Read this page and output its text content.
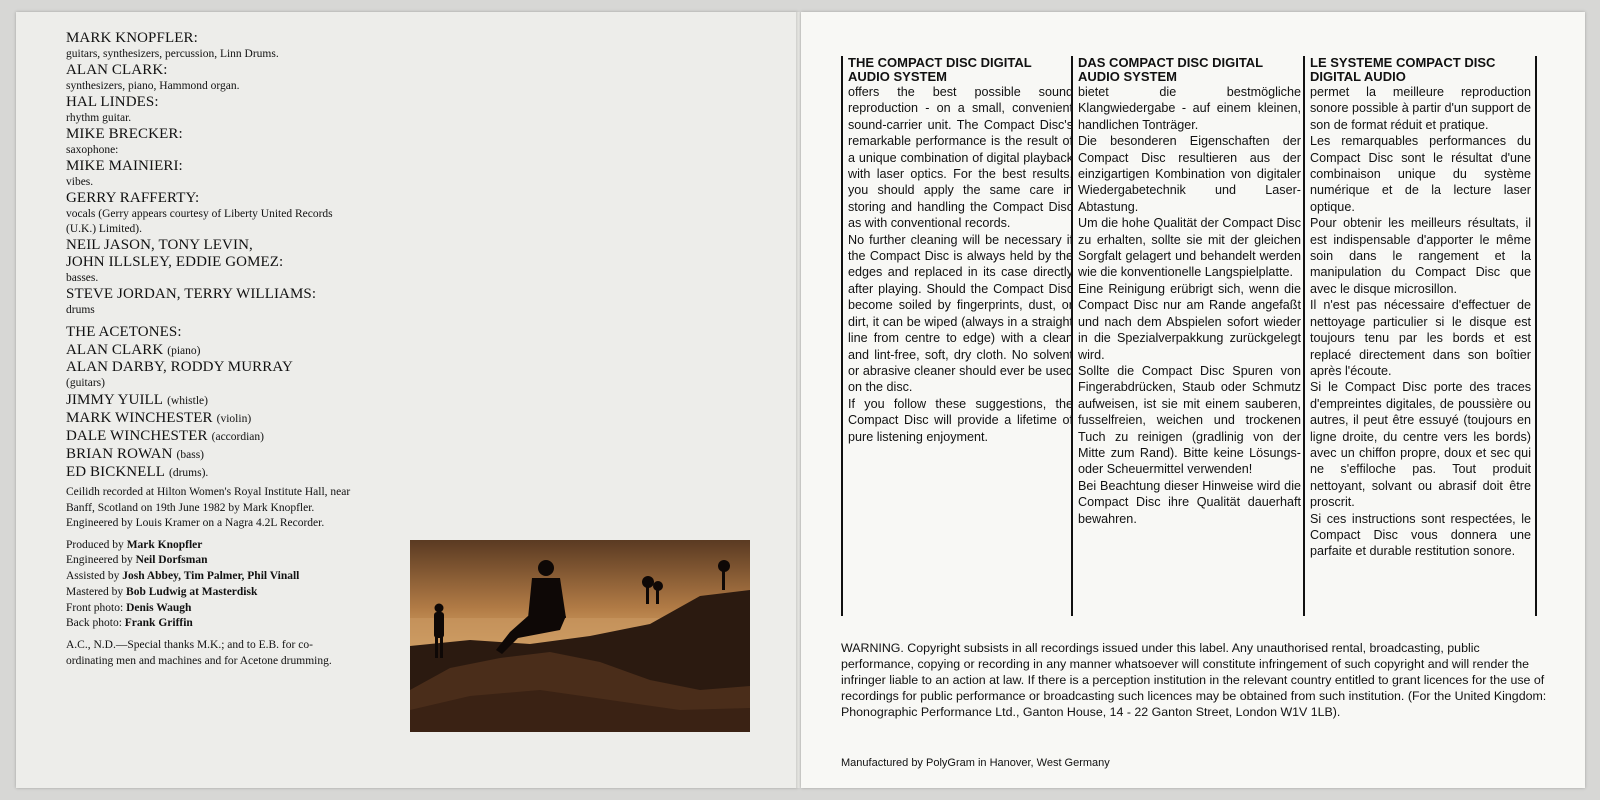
MARK KNOPFLER:
guitars, synthesizers, percussion, Linn Drums.
ALAN CLARK:
synthesizers, piano, Hammond organ.
HAL LINDES:
rhythm guitar.
MIKE BRECKER:
saxophone:
MIKE MAINIERI:
vibes.
GERRY RAFFERTY:
vocals (Gerry appears courtesy of Liberty United Records (U.K.) Limited).
NEIL JASON, TONY LEVIN,
JOHN ILLSLEY, EDDIE GOMEZ:
basses.
STEVE JORDAN, TERRY WILLIAMS:
drums
THE ACETONES:
ALAN CLARK (piano)
ALAN DARBY, RODDY MURRAY
(guitars)
JIMMY YUILL (whistle)
MARK WINCHESTER (violin)
DALE WINCHESTER (accordian)
BRIAN ROWAN (bass)
ED BICKNELL (drums).

Ceilidh recorded at Hilton Women's Royal Institute Hall, near Banff, Scotland on 19th June 1982 by Mark Knopfler.

Engineered by Louis Kramer on a Nagra 4.2L Recorder.

Produced by Mark Knopfler

Engineered by Neil Dorfsman

Assisted by Josh Abbey, Tim Palmer, Phil Vinall

Mastered by Bob Ludwig at Masterdisk

Front photo: Denis Waugh

Back photo: Frank Griffin

A.C., N.D.—Special thanks M.K.; and to E.B. for co-ordinating men and machines and for Acetone drumming.

THE COMPACT DISC DIGITAL AUDIO SYSTEM

offers the best possible sound reproduction - on a small, convenient sound-carrier unit. The Compact Disc's remarkable performance is the result of a unique combination of digital playback with laser optics. For the best results, you should apply the same care in storing and handling the Compact Disc as with conventional records.

No further cleaning will be necessary if the Compact Disc is always held by the edges and replaced in its case directly after playing. Should the Compact Disc become soiled by fingerprints, dust, or dirt, it can be wiped (always in a straight line from centre to edge) with a clean and lint-free, soft, dry cloth. No solvent or abrasive cleaner should ever be used on the disc.

If you follow these suggestions, the Compact Disc will provide a lifetime of pure listening enjoyment.

DAS COMPACT DISC DIGITAL AUDIO SYSTEM

bietet die bestmögliche Klangwiedergabe - auf einem kleinen, handlichen Tonträger.

Die besonderen Eigenschaften der Compact Disc resultieren aus der einzigartigen Kombination von digitaler Wiedergabetechnik und Laser-Abtastung.

Um die hohe Qualität der Compact Disc zu erhalten, sollte sie mit der gleichen Sorgfalt gelagert und behandelt werden wie die konventionelle Langspielplatte.

Eine Reinigung erübrigt sich, wenn die Compact Disc nur am Rande angefaßt und nach dem Abspielen sofort wieder in die Spezialverpakkung zurückgelegt wird.

Sollte die Compact Disc Spuren von Fingerabdrücken, Staub oder Schmutz aufweisen, ist sie mit einem sauberen, fusselfreien, weichen und trockenen Tuch zu reinigen (gradlinig von der Mitte zum Rand). Bitte keine Lösungs- oder Scheuermittel verwenden!

Bei Beachtung dieser Hinweise wird die Compact Disc ihre Qualität dauerhaft bewahren.

LE SYSTEME COMPACT DISC DIGITAL AUDIO

permet la meilleure reproduction sonore possible à partir d'un support de son de format réduit et pratique.

Les remarquables performances du Compact Disc sont le résultat d'une combinaison unique du système numérique et de la lecture laser optique.

Pour obtenir les meilleurs résultats, il est indispensable d'apporter le même soin dans le rangement et la manipulation du Compact Disc que avec le disque microsillon.

Il n'est pas nécessaire d'effectuer de nettoyage particulier si le disque est toujours tenu par les bords et est replacé directement dans son boîtier après l'écoute.

Si le Compact Disc porte des traces d'empreintes digitales, de poussière ou autres, il peut être essuyé (toujours en ligne droite, du centre vers les bords) avec un chiffon propre, doux et sec qui ne s'effiloche pas. Tout produit nettoyant, solvant ou abrasif doit être proscrit.

Si ces instructions sont respectées, le Compact Disc vous donnera une parfaite et durable restitution sonore.

WARNING. Copyright subsists in all recordings issued under this label. Any unauthorised rental, broadcasting, public performance, copying or recording in any manner whatsoever will constitute infringement of such copyright and will render the infringer liable to an action at law. If there is a perception institution in the relevant country entitled to grant licences for the use of recordings for public performance or broadcasting such licences may be obtained from such institution. (For the United Kingdom: Phonographic Performance Ltd., Ganton House, 14 - 22 Ganton Street, London W1V 1LB).

Manufactured by PolyGram in Hanover, West Germany
